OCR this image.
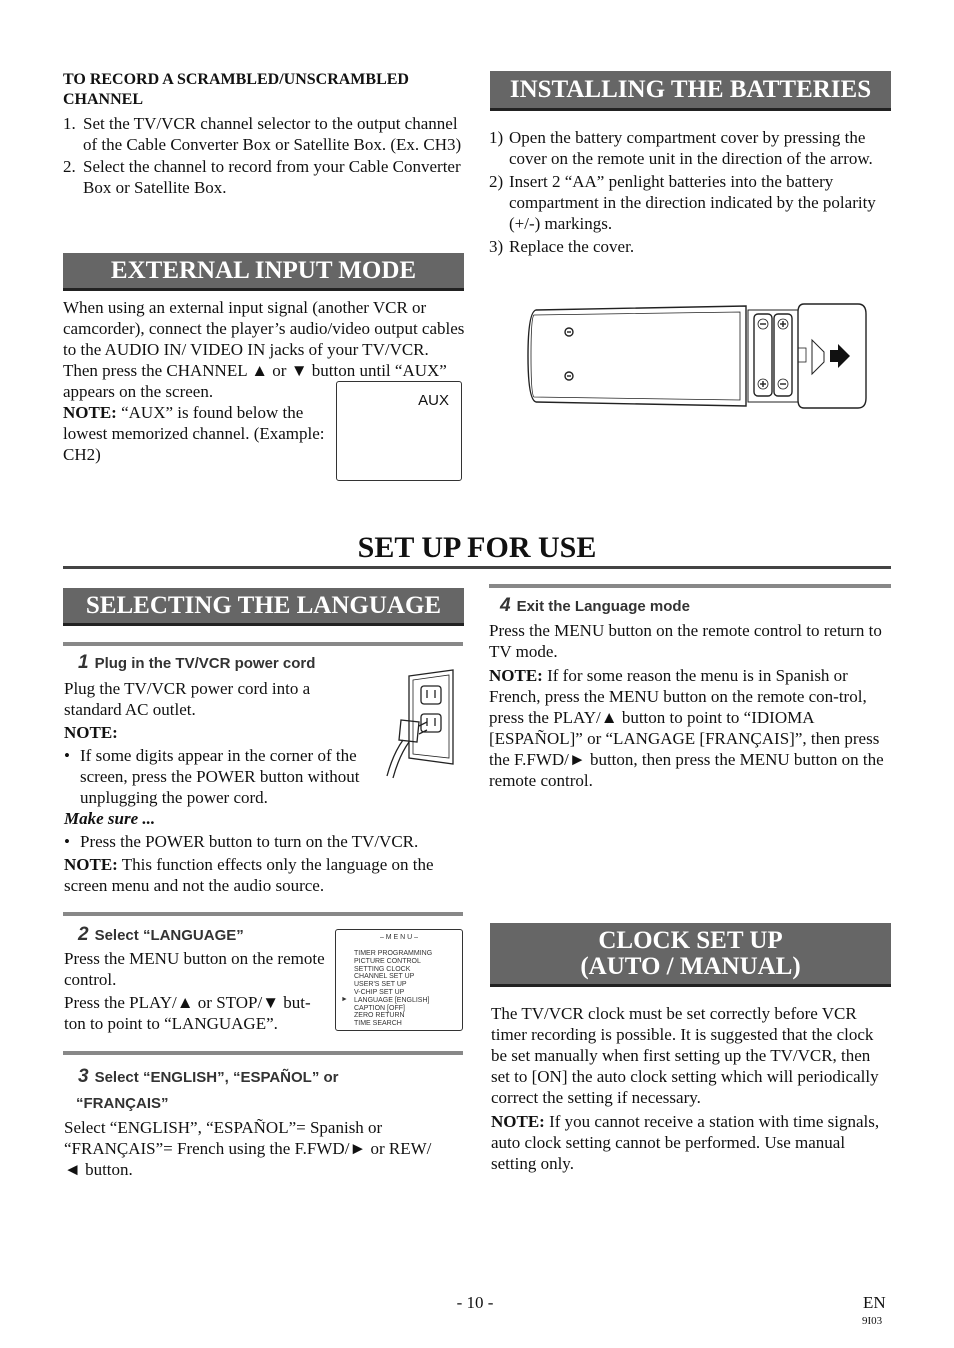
TO RECORD A SCRAMBLED/UNSCRAMBLED CHANNEL
1. Set the TV/VCR channel selector to the output channel of the Cable Converter Box or Satellite Box. (Ex. CH3)
2. Select the channel to record from your Cable Converter Box or Satellite Box.
EXTERNAL INPUT MODE
When using an external input signal (another VCR or camcorder), connect the player’s audio/video output cables to the AUDIO IN/ VIDEO IN jacks of your TV/VCR. Then press the CHANNEL ▲ or ▼ button until “AUX” appears on the screen.

NOTE: “AUX” is found below the lowest memorized channel. (Example: CH2)

AUX
INSTALLING THE BATTERIES
1) Open the battery compartment cover by pressing the cover on the remote unit in the direction of the arrow.
2) Insert 2 “AA” penlight batteries into the battery compartment in the direction indicated by the polarity (+/-) markings.
3) Replace the cover.
SET UP FOR USE
SELECTING THE LANGUAGE
1 Plug in the TV/VCR power cord

Plug the TV/VCR power cord into a standard AC outlet.

NOTE:

• If some digits appear in the corner of the screen, press the POWER button without unplugging the power cord.

Make sure ...

• Press the POWER button to turn on the TV/VCR.

NOTE: This function effects only the language on the screen menu and not the audio source.

2 Select “LANGUAGE”

Press the MENU button on the remote control.

Press the PLAY/▲ or STOP/▼ but-ton to point to “LANGUAGE”.

– M E N U –
TIMER PROGRAMMING
PICTURE CONTROL
SETTING CLOCK
CHANNEL SET UP
USER'S SET UP
V-CHIP SET UP
LANGUAGE [ENGLISH]
CAPTION [OFF]
ZERO RETURN
TIME SEARCH
►
3 Select “ENGLISH”, “ESPAÑOL” or
“FRANÇAIS”

Select “ENGLISH”, “ESPAÑOL”= Spanish or “FRANÇAIS”= French using the F.FWD/► or REW/◄ button.

4 Exit the Language mode

Press the MENU button on the remote control to return to TV mode.

NOTE: If for some reason the menu is in Spanish or French, press the MENU button on the remote con-trol, press the PLAY/▲ button to point to “IDIOMA [ESPAÑOL]” or “LANGAGE [FRANÇAIS]”, then press the F.FWD/► button, then press the MENU button on the remote control.

CLOCK SET UP
(AUTO / MANUAL)

The TV/VCR clock must be set correctly before VCR timer recording is possible. It is suggested that the clock be set manually when first setting up the TV/VCR, then set to [ON] the auto clock setting which will periodically correct the setting if necessary.

NOTE: If you cannot receive a station with time signals, auto clock setting cannot be performed. Use manual setting only.

- 10 -	EN
9I03
